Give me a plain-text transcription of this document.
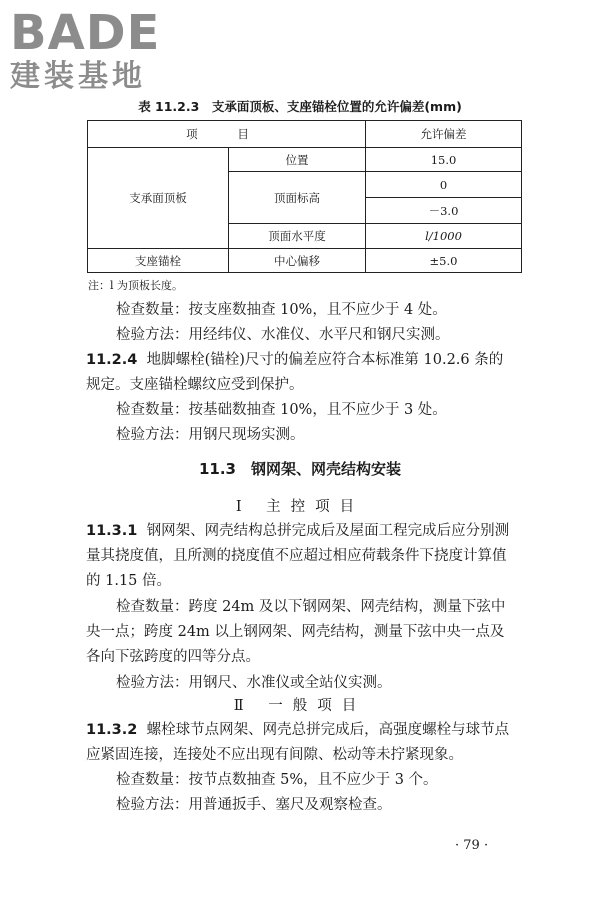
BADE
建装基地
表 11.2.3　支承面顶板、支座锚栓位置的允许偏差(mm)
项 目		允许偏差
支承面顶板	位置	15.0
	顶面标高	0
		－3.0
	顶面水平度	l/1000
支座锚栓	中心偏移	±5.0
注：l 为顶板长度。

检查数量：按支座数抽查 10%，且不应少于 4 处。

检验方法：用经纬仪、水准仪、水平尺和钢尺实测。

11.2.4 地脚螺栓(锚栓)尺寸的偏差应符合本标准第 10.2.6 条的规定。支座锚栓螺纹应受到保护。

检查数量：按基础数抽查 10%，且不应少于 3 处。

检验方法：用钢尺现场实测。

11.3　钢网架、网壳结构安装
Ⅰ 主控项目

11.3.1 钢网架、网壳结构总拼完成后及屋面工程完成后应分别测量其挠度值，且所测的挠度值不应超过相应荷载条件下挠度计算值的 1.15 倍。

检查数量：跨度 24m 及以下钢网架、网壳结构，测量下弦中央一点；跨度 24m 以上钢网架、网壳结构，测量下弦中央一点及各向下弦跨度的四等分点。

检验方法：用钢尺、水准仪或全站仪实测。

Ⅱ 一般项目

11.3.2 螺栓球节点网架、网壳总拼完成后，高强度螺栓与球节点应紧固连接，连接处不应出现有间隙、松动等未拧紧现象。

检查数量：按节点数抽查 5%，且不应少于 3 个。

检验方法：用普通扳手、塞尺及观察检查。

· 79 ·
